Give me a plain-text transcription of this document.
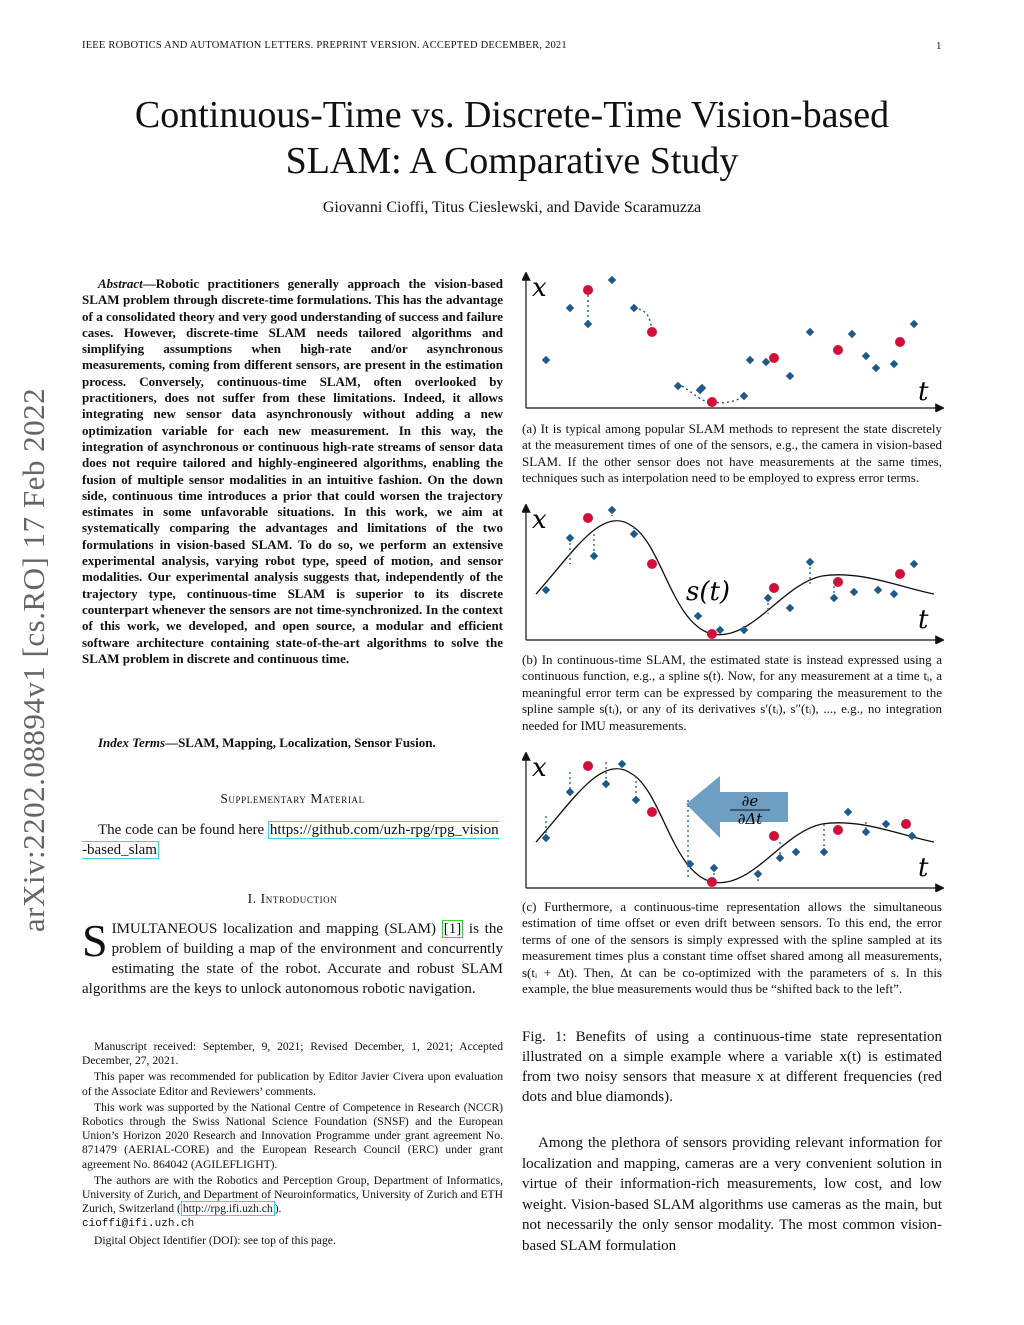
IEEE ROBOTICS AND AUTOMATION LETTERS. PREPRINT VERSION. ACCEPTED DECEMBER, 2021	1
Continuous-Time vs. Discrete-Time Vision-based
SLAM: A Comparative Study
Giovanni Cioffi, Titus Cieslewski, and Davide Scaramuzza
arXiv:2202.08894v1 [cs.RO] 17 Feb 2022
Abstract—Robotic practitioners generally approach the vision-based SLAM problem through discrete-time formulations. This has the advantage of a consolidated theory and very good understanding of success and failure cases. However, discrete-time SLAM needs tailored algorithms and simplifying assumptions when high-rate and/or asynchronous measurements, coming from different sensors, are present in the estimation process. Conversely, continuous-time SLAM, often overlooked by practitioners, does not suffer from these limitations. Indeed, it allows integrating new sensor data asynchronously without adding a new optimization variable for each new measurement. In this way, the integration of asynchronous or continuous high-rate streams of sensor data does not require tailored and highly-engineered algorithms, enabling the fusion of multiple sensor modalities in an intuitive fashion. On the down side, continuous time introduces a prior that could worsen the trajectory estimates in some unfavorable situations. In this work, we aim at systematically comparing the advantages and limitations of the two formulations in vision-based SLAM. To do so, we perform an extensive experimental analysis, varying robot type, speed of motion, and sensor modalities. Our experimental analysis suggests that, independently of the trajectory type, continuous-time SLAM is superior to its discrete counterpart whenever the sensors are not time-synchronized. In the context of this work, we developed, and open source, a modular and efficient software architecture containing state-of-the-art algorithms to solve the SLAM problem in discrete and continuous time.
Index Terms—SLAM, Mapping, Localization, Sensor Fusion.
Supplementary Material
The code can be found here https://github.com/uzh-rpg/rpg_vision-based_slam
I. Introduction
SIMULTANEOUS localization and mapping (SLAM) [1] is the problem of building a map of the environment and concurrently estimating the state of the robot. Accurate and robust SLAM algorithms are the keys to unlock autonomous robotic navigation.

Manuscript received: September, 9, 2021; Revised December, 1, 2021; Accepted December, 27, 2021.

This paper was recommended for publication by Editor Javier Civera upon evaluation of the Associate Editor and Reviewers’ comments.

This work was supported by the National Centre of Competence in Research (NCCR) Robotics through the Swiss National Science Foundation (SNSF) and the European Union’s Horizon 2020 Research and Innovation Programme under grant agreement No. 871479 (AERIAL-CORE) and the European Research Council (ERC) under grant agreement No. 864042 (AGILEFLIGHT).

The authors are with the Robotics and Perception Group, Department of Informatics, University of Zurich, and Department of Neuroinformatics, University of Zurich and ETH Zurich, Switzerland ( http://rpg.ifi.uzh.ch ).
cioffi@ifi.uzh.ch

Digital Object Identifier (DOI): see top of this page.

x
t
(a) It is typical among popular SLAM methods to represent the state discretely at the measurement times of one of the sensors, e.g., the camera in vision-based SLAM. If the other sensor does not have measurements at the same times, techniques such as interpolation need to be employed to express error terms.
x
t
s(t)
(b) In continuous-time SLAM, the estimated state is instead expressed using a continuous function, e.g., a spline s(t). Now, for any measurement at a time tᵢ, a meaningful error term can be expressed by comparing the measurement to the spline sample s(tᵢ), or any of its derivatives s′(tᵢ), s″(tᵢ), ..., e.g., no integration needed for IMU measurements.
x
t
∂e
∂Δt
(c) Furthermore, a continuous-time representation allows the simultaneous estimation of time offset or even drift between sensors. To this end, the error terms of one of the sensors is simply expressed with the spline sampled at its measurement times plus a constant time offset shared among all measurements, s(tᵢ + Δt). Then, Δt can be co-optimized with the parameters of s. In this example, the blue measurements would thus be “shifted back to the left”.
Fig. 1: Benefits of using a continuous-time state representation illustrated on a simple example where a variable x(t) is estimated from two noisy sensors that measure x at different frequencies (red dots and blue diamonds).
Among the plethora of sensors providing relevant information for localization and mapping, cameras are a very convenient solution in virtue of their information-rich measurements, low cost, and low weight. Vision-based SLAM algorithms use cameras as the main, but not necessarily the only sensor modality. The most common vision-based SLAM formulation
